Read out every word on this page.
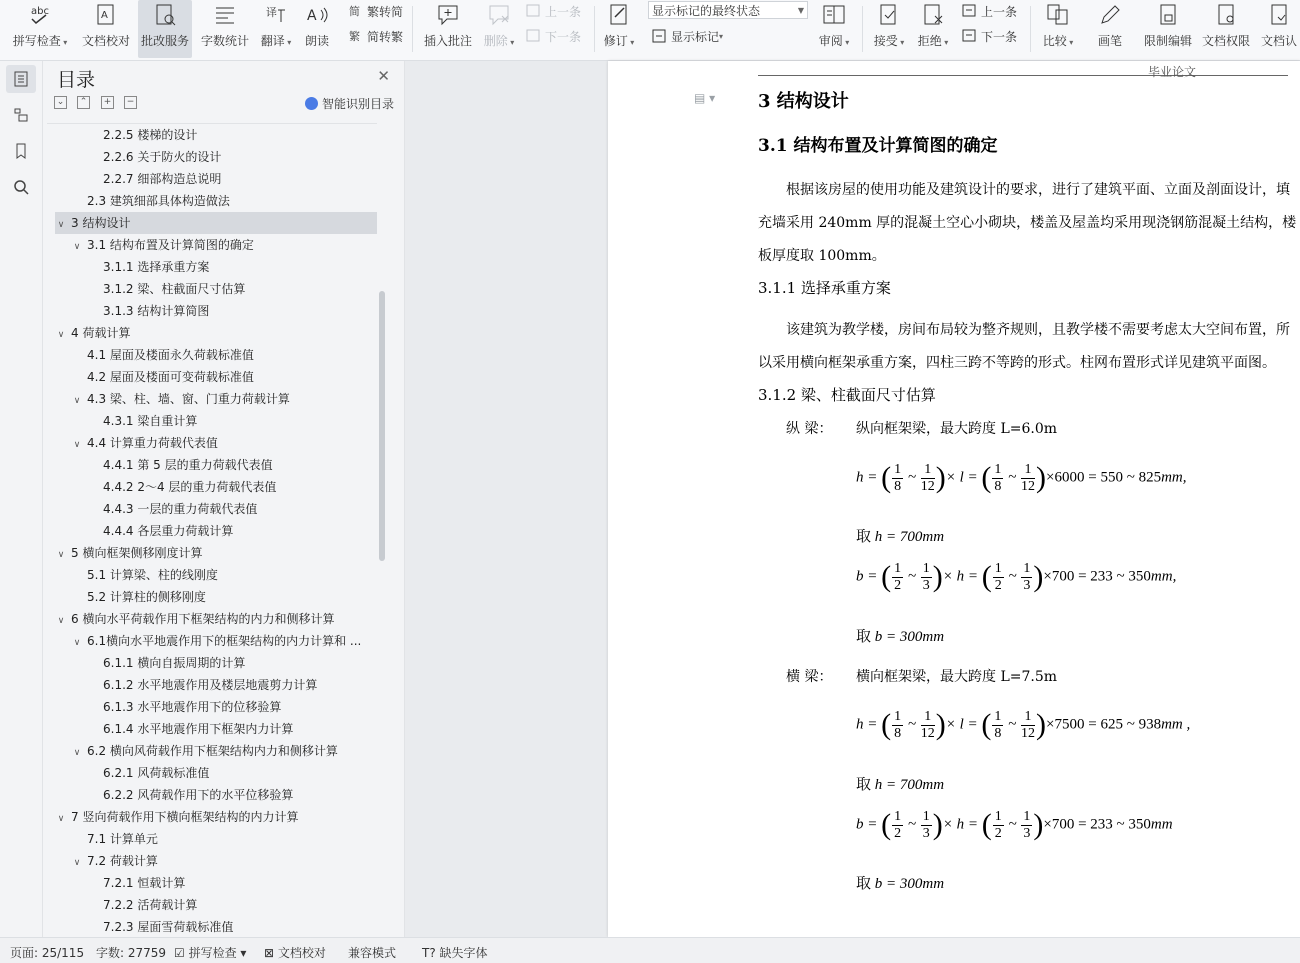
abc
拼写检查 ▾
A
文档校对 批改服务 字数统计
译
翻译 ▾
A
朗读
简 繁转简
繁 简转繁 插入批注 删除 ▾
上一条
下一条 修订 ▾
显示标记的最终状态	▼
显示标记
▾	审阅 ▾	接受 ▾	拒绝 ▾
上一条
下一条 比较 ▾	画笔 限制编辑 文档权限 文档认
目录	✕
⌄	⌃	+	−	智能识别目录
2.2.5 楼梯的设计
2.2.6 关于防火的设计
2.2.7 细部构造总说明
2.3 建筑细部具体构造做法
∨ 3 结构设计
∨ 3.1 结构布置及计算简图的确定
3.1.1 选择承重方案
3.1.2 梁、柱截面尺寸估算
3.1.3 结构计算简图
∨ 4 荷载计算
4.1 屋面及楼面永久荷载标准值
4.2 屋面及楼面可变荷载标准值
∨ 4.3 梁、柱、墙、窗、门重力荷载计算
4.3.1 梁自重计算
∨ 4.4 计算重力荷载代表值
4.4.1 第 5 层的重力荷载代表值
4.4.2 2～4 层的重力荷载代表值
4.4.3 一层的重力荷载代表值
4.4.4 各层重力荷载计算
∨ 5 横向框架侧移刚度计算
5.1 计算梁、柱的线刚度
5.2 计算柱的侧移刚度
∨ 6 横向水平荷载作用下框架结构的内力和侧移计算
∨ 6.1横向水平地震作用下的框架结构的内力计算和 ...
6.1.1 横向自振周期的计算
6.1.2 水平地震作用及楼层地震剪力计算
6.1.3 水平地震作用下的位移验算
6.1.4 水平地震作用下框架内力计算
∨ 6.2 横向风荷载作用下框架结构内力和侧移计算
6.2.1 风荷载标准值
6.2.2 风荷载作用下的水平位移验算
∨ 7 竖向荷载作用下横向框架结构的内力计算
7.1 计算单元
∨ 7.2 荷载计算
7.2.1 恒载计算
7.2.2 活荷载计算
7.2.3 屋面雪荷载标准值
毕业论文
▤ ▾ 3 结构设计
3.1 结构布置及计算简图的确定
根据该房屋的使用功能及建筑设计的要求，进行了建筑平面、立面及剖面设计，填
充墙采用 240mm 厚的混凝土空心小砌块，楼盖及屋盖均采用现浇钢筋混凝土结构，楼
板厚度取 100mm。
3.1.1 选择承重方案
该建筑为教学楼，房间布局较为整齐规则，且教学楼不需要考虑太大空间布置，所
以采用横向框架承重方案，四柱三跨不等跨的形式。柱网布置形式详见建筑平面图。
3.1.2 梁、柱截面尺寸估算
纵 梁： 纵向框架梁，最大跨度 L=6.0m
h = ( $\frac{1}{8}$ ~ $\frac{1}{12}$ )× l = ( $\frac{1}{8}$ ~ $\frac{1}{12} )\times 6000 = 550$ ~ 825mm,
取 h = 700mm
b = ( $\frac{1}{2}$ ~ $\frac{1}{3}$ )× h = ( $\frac{1}{2}$ ~ $\frac{1}{3} )\times 700 = 233$ ~ 350mm,
取 b = 300mm
横 梁： 横向框架梁，最大跨度 L=7.5m
h = ( $\frac{1}{8}$ ~ $\frac{1}{12}$ )× l = ( $\frac{1}{8}$ ~ $\frac{1}{12} )\times 7500 = 625$ ~ 938mm ,
取 h = 700mm
b = ( $\frac{1}{2}$ ~ $\frac{1}{3}$ )× h = ( $\frac{1}{2}$ ~ $\frac{1}{3} )\times 700 = 233$ ~ 350mm
取 b = 300mm
页面: 25/115 字数: 27759 ☑ 拼写检查 ▾ ⊠ 文档校对 兼容模式 T? 缺失字体
